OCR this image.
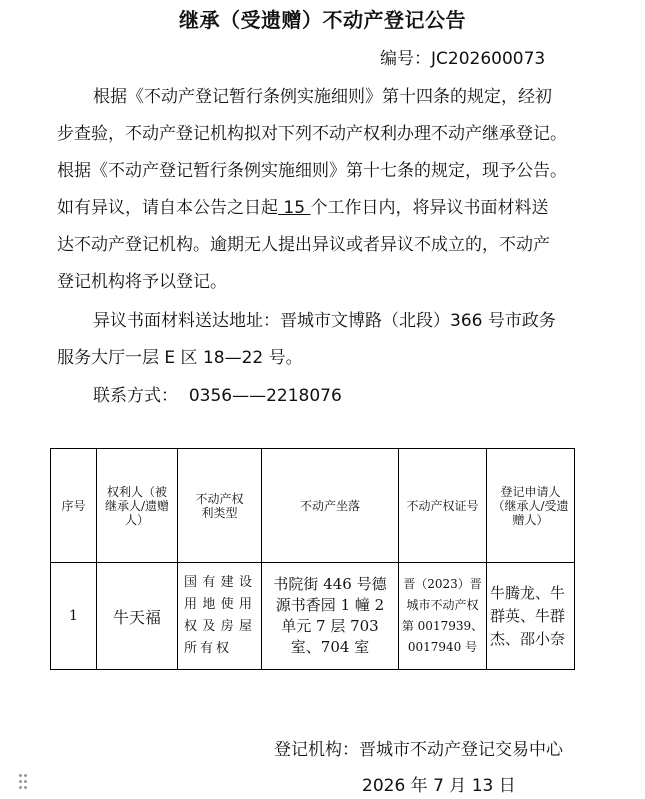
继承（受遗赠）不动产登记公告
编号：JC202600073
根据《不动产登记暂行条例实施细则》第十四条的规定，经初
步查验，不动产登记机构拟对下列不动产权利办理不动产继承登记。
根据《不动产登记暂行条例实施细则》第十七条的规定，现予公告。
如有异议，请自本公告之日起 15 个工作日内，将异议书面材料送
达不动产登记机构。逾期无人提出异议或者异议不成立的，不动产
登记机构将予以登记。
异议书面材料送达地址：晋城市文博路（北段）366 号市政务
服务大厅一层 E 区 18—22 号。
联系方式： 0356——2218076
序号	权利人（被继承人/遗赠人）	不动产权利类型	不动产坐落	不动产权证号	登记申请人（继承人/受遗赠人）
1	牛天福	国有建设用地使用权及房屋所有权	书院街 446 号德源书香园 1 幢 2 单元 7 层 703 室、704 室	晋（2023）晋城市不动产权第 0017939、0017940 号	牛腾龙、牛群英、牛群杰、邵小奈
登记机构：晋城市不动产登记交易中心
2026 年 7 月 13 日
